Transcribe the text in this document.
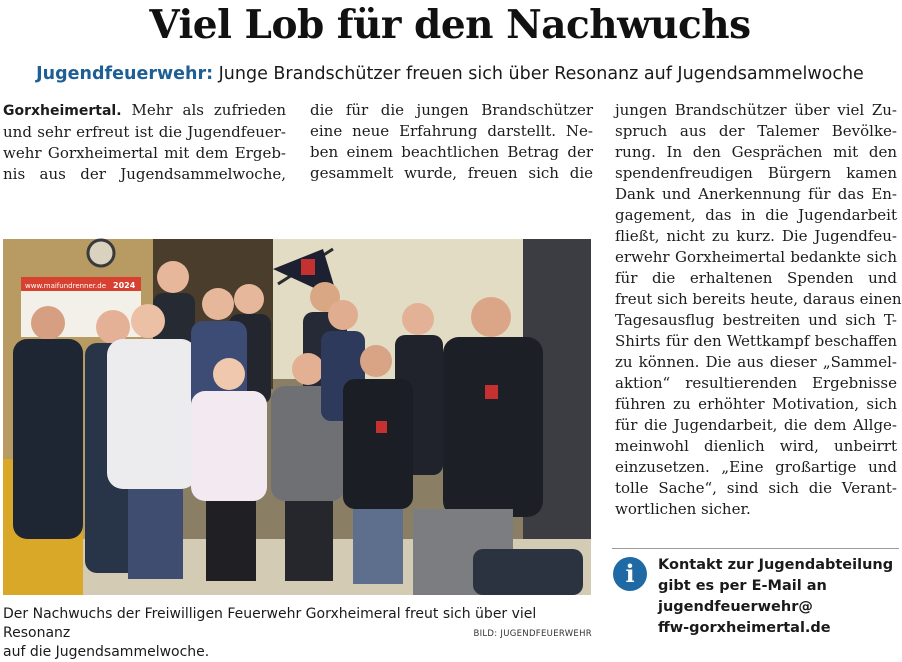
Viel Lob für den Nachwuchs
Jugendfeuerwehr: Junge Brandschützer freuen sich über Resonanz auf Jugendsammelwoche
Gorxheimertal. Mehr als zufrieden
und sehr erfreut ist die Jugendfeuer-
wehr Gorxheimertal mit dem Ergeb-
nis aus der Jugendsammelwoche,
die für die jungen Brandschützer
eine neue Erfahrung darstellt. Ne-
ben einem beachtlichen Betrag der
gesammelt wurde, freuen sich die
jungen Brandschützer über viel Zu-
spruch aus der Talemer Bevölke-
rung. In den Gesprächen mit den
spendenfreudigen Bürgern kamen
Dank und Anerkennung für das En-
gagement, das in die Jugendarbeit
fließt, nicht zu kurz. Die Jugendfeu-
erwehr Gorxheimertal bedankte sich
für die erhaltenen Spenden und
freut sich bereits heute, daraus einen
Tagesausflug bestreiten und sich T-
Shirts für den Wettkampf beschaffen
zu können. Die aus dieser „Sammel-
aktion“ resultierenden Ergebnisse
führen zu erhöhter Motivation, sich
für die Jugendarbeit, die dem Allge-
meinwohl dienlich wird, unbeirrt
einzusetzen. „Eine großartige und
tolle Sache“, sind sich die Verant-
wortlichen sicher.
www.maifundrenner.de 2024
Der Nachwuchs der Freiwilligen Feuerwehr Gorxheimeral freut sich über viel Resonanz
auf die Jugendsammelwoche.
BILD: JUGENDFEUERWEHR
i	Kontakt zur Jugendabteilung
gibt es per E-Mail an
jugendfeuerwehr@
ffw-gorxheimertal.de
